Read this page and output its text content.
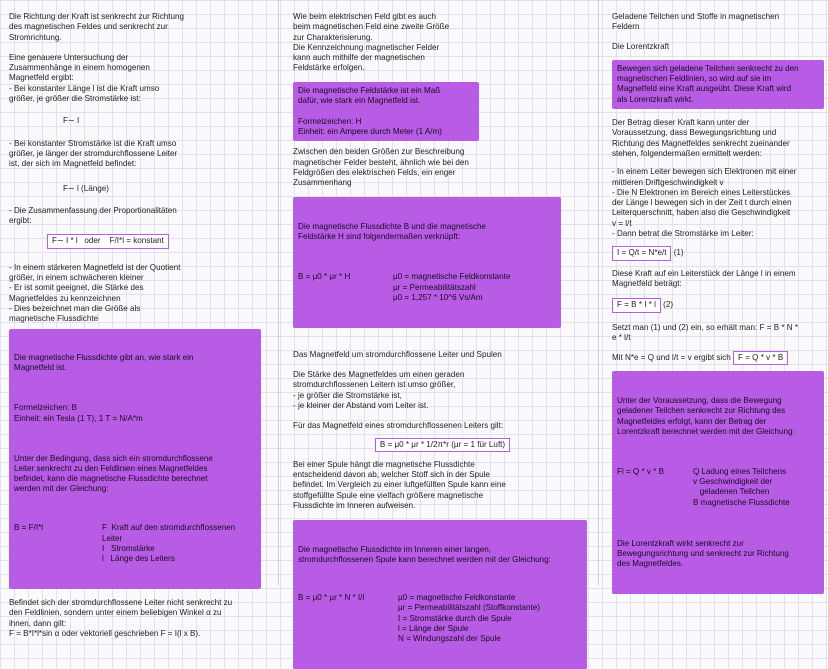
Die Richtung der Kraft ist senkrecht zur Richtung
des magnetischen Feldes und senkrecht zur
Stromrichtung.

Eine genauere Untersuchung der
Zusammenhänge in einem homogenen
Magnetfeld ergibt:
- Bei konstanter Länge l ist die Kraft umso
größer, je größer die Stromstärke ist:

F∼ I

- Bei konstanter Stromstärke ist die Kraft umso
größer, je länger der stromdurchflossene Leiter
ist, der sich im Magnetfeld befindet:

F∼ l (Länge)

- Die Zusammenfassung der Proportionalitäten
ergibt:

F∼ I * l   oder    F/I*l = konstant

- In einem stärkeren Magnetfeld ist der Quotient
größer, in einem schwächeren kleiner
- Er ist somit geeignet, die Stärke des
Magnetfeldes zu kennzeichnen
- Dies bezeichnet man die Größe als
magnetische Flussdichte

Die magnetische Flussdichte gibt an, wie stark ein
Magnetfeld ist.

Formelzeichen: B
Einheit: ein Tesla (1 T), 1 T = N/A*m

Unter der Bedingung, dass sich ein stromdurchflossene
Leiter senkrecht zu den Feldlinien eines Magnetfeldes
befindet, kann die magnetische Flussdichte berechnet
werden mit der Gleichung:

B = F/I*l	F  Kraft auf den stromdurchflossenen
Leiter
I   Stromstärke
l   Länge des Leiters

Befindet sich der stromdurchflossene Leiter nicht senkrecht zu
den Feldlinien, sondern unter einem beliebigen Winkel α zu
ihnen, dann gilt:
F = B*I*l*sin α oder vektoriell geschrieben F = I(l x B).

Wie beim elektrischen Feld gibt es auch
beim magnetischen Feld eine zweite Größe
zur Charakterisierung.
Die Kennzeichnung magnetischer Felder
kann auch mithilfe der magnetischen
Feldstärke erfolgen.

Die magnetische Feldstärke ist ein Maß
dafür, wie stark ein Magnetfeld ist.

Formelzeichen: H
Einheit: ein Ampere durch Meter (1 A/m)

Zwischen den beiden Größen zur Beschreibung
magnetischer Felder besteht, ähnlich wie bei den
Feldgrößen des elektrischen Felds, ein enger
Zusammenhang

Die magnetische Flussdichte B und die magnetische
Feldstärke H sind folgendermaßen verknüpft:

B = μ0 * μr * H	μ0 = magnetische Feldkonstante
μr = Permeabilitätszahl
μ0 = 1,257 * 10^6 Vs/Am

Das Magnetfeld um stromdurchflossene Leiter und Spulen

Die Stärke des Magnetfeldes um einen geraden
stromdurchflossenen Leitern ist umso größer,
- je größer die Stromstärke ist,
- je kleiner der Abstand vom Leiter ist.

Für das Magnetfeld eines stromdurchflossenen Leiters gilt:

B = μ0 * μr * 1/2π*r (μr = 1 für Luft)

Bei einer Spule hängt die magnetische Flussdichte
entscheidend davon ab, welcher Stoff sich in der Spule
befindet. Im Vergleich zu einer luftgefüllten Spule kann eine
stoffgefüllte Spule eine vielfach größere magnetische
Flussdichte im Inneren aufweisen.

Die magnetische Flussdichte im Inneren einer langen,
stromdurchflossenen Spule kann berechnet werden mit der Gleichung:

B = μ0 * μr * N * I/l	μ0 = magnetische Feldkonstante
μr = Permeabilitätszahl (Stoffkonstante)
I = Stromstärke durch die Spule
l = Länge der Spule
N = Windungszahl der Spule

Geladene Teilchen und Stoffe in magnetischen
Feldern

Die Lorentzkraft

Bewegen sich geladene Teilchen senkrecht zu den
magnetischen Feldlinien, so wird auf sie im
Magnetfeld eine Kraft ausgeübt. Diese Kraft wird
als Lorentzkraft wirkt.

Der Betrag dieser Kraft kann unter der
Voraussetzung, dass Bewegungsrichtung und
Richtung des Magnetfeldes senkrecht zueinander
stehen, folgendermaßen ermittelt werden:

- In einem Leiter bewegen sich Elektronen mit einer
mittleren Driftgeschwindigkeit v
- Die N Elektronen im Bereich eines Leiterstückes
der Länge l bewegen sich in der Zeit t durch einen
Leiterquerschnitt, haben also die Geschwindigkeit
v = l/t
- Dann betrat die Stromstärke im Leiter:

I = Q/t = N*e/t (1)

Diese Kraft auf ein Leiterstück der Länge l in einem
Magnetfeld beträgt:

F = B * I * l (2)

Setzt man (1) und (2) ein, so erhält man: F = B * N *
e * l/t

Mit N*e = Q und l/t = v ergibt sich F = Q * v * B

Unter der Voraussetzung, dass die Bewegung
geladener Teilchen senkrecht zur Richtung des
Magnetfeldes erfolgt, kann der Betrag der
Lorentzkraft berechnet werden mit der Gleichung:

Fl = Q * v * B	Q Ladung eines Teilchens
v Geschwindigkeit der
geladenen Teilchen
B magnetische Flussdichte

Die Lorentzkraft wirkt senkrecht zur
Bewegungsrichtung und senkrecht zur Richtung
des Magnetfeldes.
